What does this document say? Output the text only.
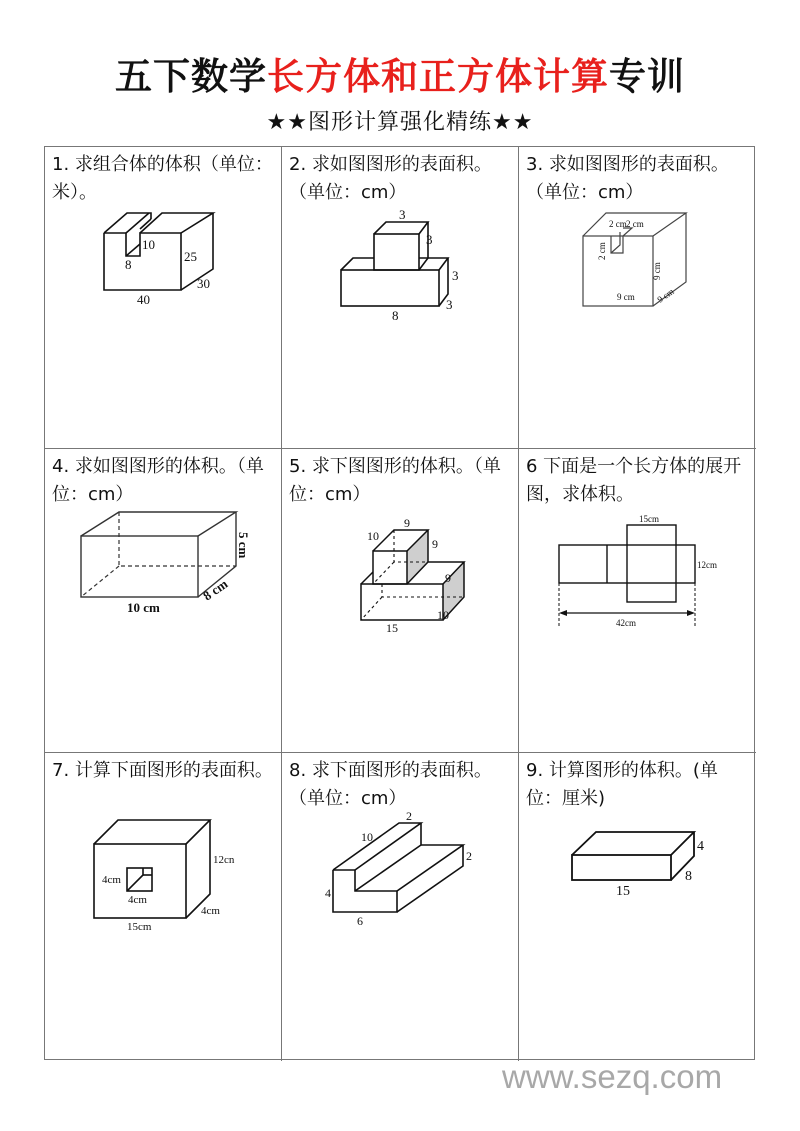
五下数学长方体和正方体计算专训
★★图形计算强化精练★★
1. 求组合体的体积（单位：米）。
10
8
25
30
40
2. 求如图图形的表面积。（单位：cm）
3
3
3
3
8
3. 求如图图形的表面积。（单位：cm）
2 cm 2 cm
2 cm
9 cm
9 cm 9 cm
4. 求如图图形的体积。（单位：cm）
5 cm
8 cm
10 cm
5. 求下图图形的体积。（单位：cm）
9
10
9
9
10
15
6 下面是一个长方体的展开图，求体积。
15cm
12cm
42cm
7. 计算下面图形的表面积。
4cm
4cm
12cn
4cm
15cm
8. 求下面图形的表面积。（单位：cm）
2
10
2
4
6
9. 计算图形的体积。(单位：厘米)
4
8
15
www.sezq.com
